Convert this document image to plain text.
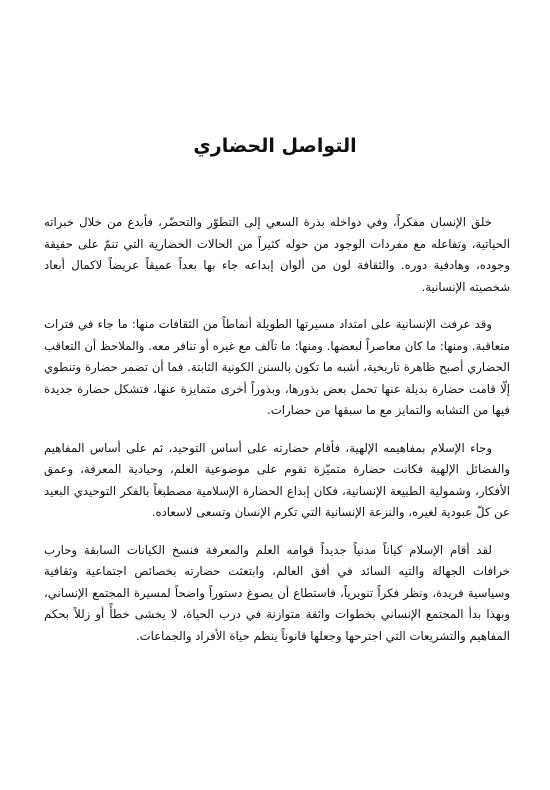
التواصل الحضاري

خلق الإنسان مفكراً، وفي دواخله بذرة السعي إلى التطوّر والتحضّر، فأبدع من خلال خبراته الحياتية، وتفاعله مع مفردات الوجود من حوله كثيراً من الحالات الحضارية التي تنمّ على حقيقة وجوده، وهادفية دوره. والثقافة لون من ألوان إبداعه جاء بها بعداً عميقاً عريضاً لاكمال أبعاد شخصيته الإنسانية.

وقد عرفت الإنسانية على امتداد مسيرتها الطويلة أنماطاً من الثقافات منها: ما جاء في فترات متعاقبة. ومنها: ما كان معاصراً لبعضها. ومنها: ما تآلف مع غيره أو تنافر معه. والملاحظ أن التعاقب الحضاري أصبح ظاهرة تاريخية، أشبه ما تكون بالسنن الكونية الثابتة. فما أن تضمر حضارة وتنطوي إلّا قامت حضارة بديلة عنها تحمل بعض بذورها، وبذوراً أخرى متمايزة عنها، فتشكل حضارة جديدة فيها من التشابه والتمايز مع ما سبقها من حضارات.

وجاء الإسلام بمفاهيمه الإلهية، فأقام حضارته على أساس التوحيد، ثم على أساس المفاهيم والفضائل الإلهية فكانت حضارة متميّزة تقوم على موضوعية العلم، وحيادية المعرفة، وعمق الأفكار، وشمولية الطبيعة الإنسانية، فكان إبداع الحضارة الإسلامية مصطبغاً بالفكر التوحيدي البعيد عن كلّ عبودية لغيره، والنزعة الإنسانية التي تكرم الإنسان وتسعى لاسعاده.

لقد أقام الإسلام كياناً مدنياً جديداً قوامه العلم والمعرفة فنسخ الكيانات السابقة وحارب خرافات الجهالة والتيه السائد في أفق العالم، وابتعثت حضارته بخصائص اجتماعية وثقافية وسياسية فريدة، ونظر فكراً تنويرياً، فاستطاع أن يصوغ دستوراً واضحاً لمسيرة المجتمع الإنساني، وبهذا بدأ المجتمع الإنساني بخطوات واثقة متوازنة في درب الحياة، لا يخشى خطأً أو زللاً بحكم المفاهيم والتشريعات التي اجترحها وجعلها قانوناً ينظم حياة الأفراد والجماعات.
